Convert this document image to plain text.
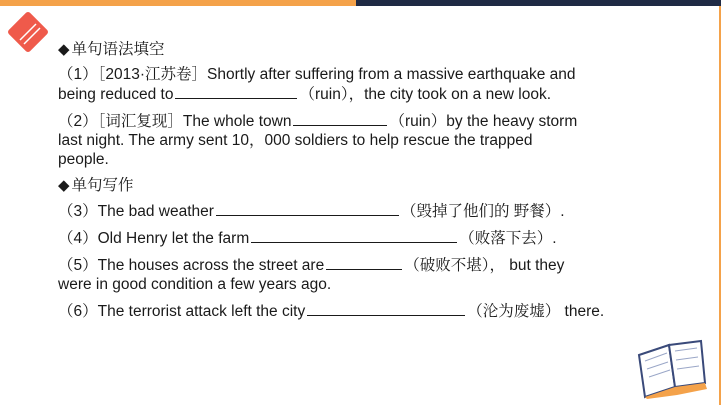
◆ 单句语法填空
（1）［2013·江苏卷］Shortly after suffering from a massive earthquake and
being reduced to	（ruin），the city took on a new look.
（2）［词汇复现］The whole town	（ruin）by the heavy storm
last night. The army sent 10，000 soldiers to help rescue the trapped
people.
◆ 单句写作
（3）The bad weather	（毁掉了他们的 野餐）.
（4）Old Henry let the farm	（败落下去）.
（5）The houses across the street are	（破败不堪）， but they
were in good condition a few years ago.
（6）The terrorist attack left the city	（沦为废墟） there.
